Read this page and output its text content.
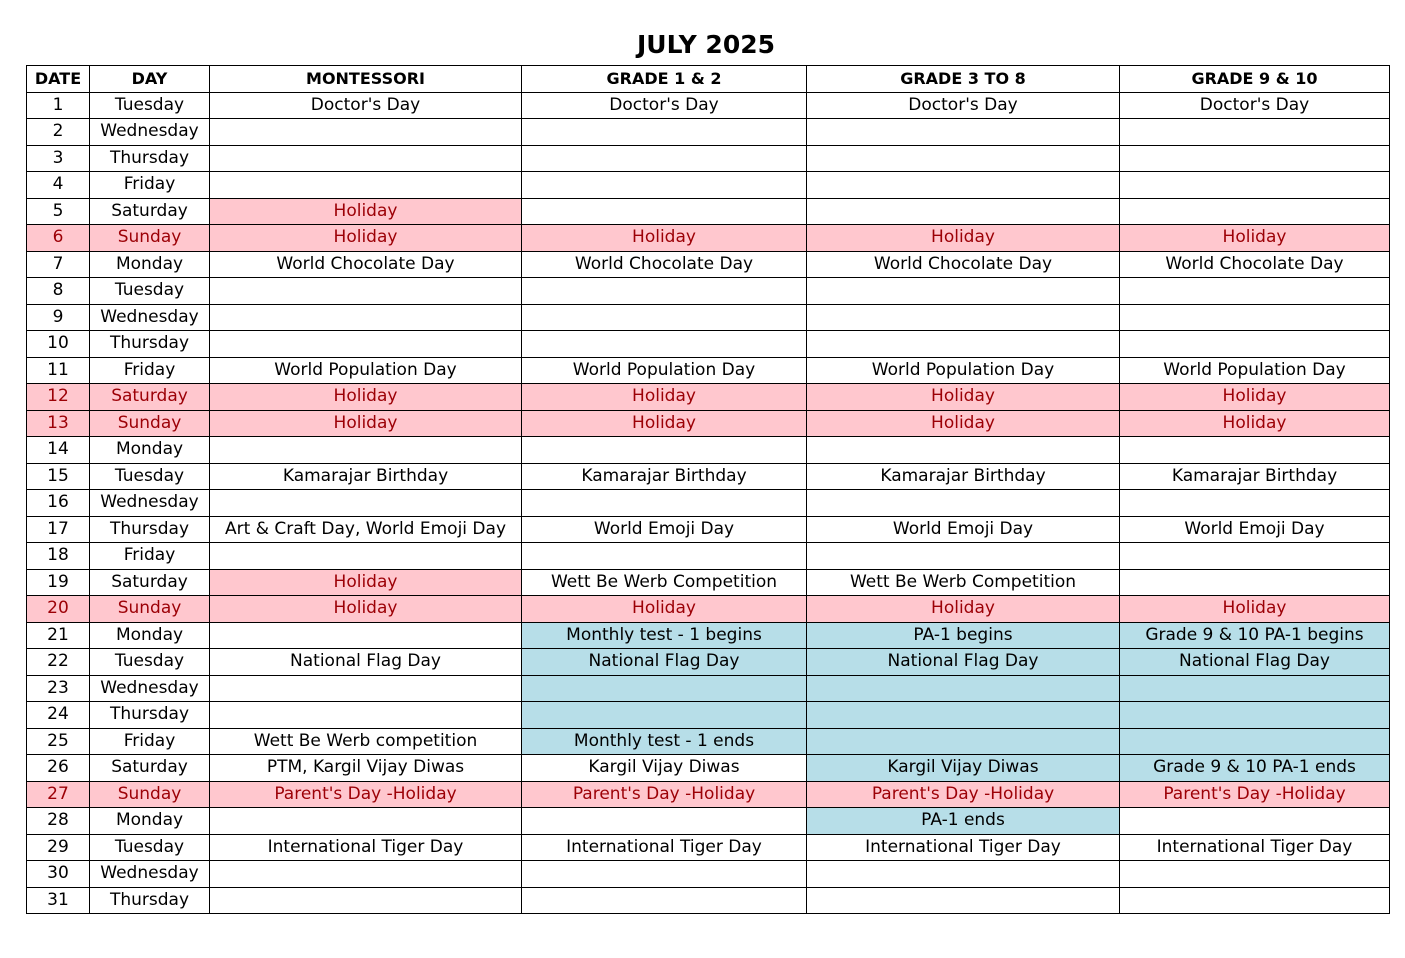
JULY 2025
DATE	DAY	MONTESSORI	GRADE 1 & 2	GRADE 3 TO 8	GRADE 9 & 10
1	Tuesday	Doctor's Day	Doctor's Day	Doctor's Day	Doctor's Day
2	Wednesday				
3	Thursday				
4	Friday				
5	Saturday	Holiday			
6	Sunday	Holiday	Holiday	Holiday	Holiday
7	Monday	World Chocolate Day	World Chocolate Day	World Chocolate Day	World Chocolate Day
8	Tuesday				
9	Wednesday				
10	Thursday				
11	Friday	World Population Day	World Population Day	World Population Day	World Population Day
12	Saturday	Holiday	Holiday	Holiday	Holiday
13	Sunday	Holiday	Holiday	Holiday	Holiday
14	Monday				
15	Tuesday	Kamarajar Birthday	Kamarajar Birthday	Kamarajar Birthday	Kamarajar Birthday
16	Wednesday				
17	Thursday	Art & Craft Day, World Emoji Day	World Emoji Day	World Emoji Day	World Emoji Day
18	Friday				
19	Saturday	Holiday	Wett Be Werb Competition	Wett Be Werb Competition	
20	Sunday	Holiday	Holiday	Holiday	Holiday
21	Monday		Monthly test - 1 begins	PA-1 begins	Grade 9 & 10 PA-1 begins
22	Tuesday	National Flag Day	National Flag Day	National Flag Day	National Flag Day
23	Wednesday				
24	Thursday				
25	Friday	Wett Be Werb competition	Monthly test - 1 ends		
26	Saturday	PTM, Kargil Vijay Diwas	Kargil Vijay Diwas	Kargil Vijay Diwas	Grade 9 & 10 PA-1 ends
27	Sunday	Parent's Day -Holiday	Parent's Day -Holiday	Parent's Day -Holiday	Parent's Day -Holiday
28	Monday			PA-1 ends	
29	Tuesday	International Tiger Day	International Tiger Day	International Tiger Day	International Tiger Day
30	Wednesday				
31	Thursday				
